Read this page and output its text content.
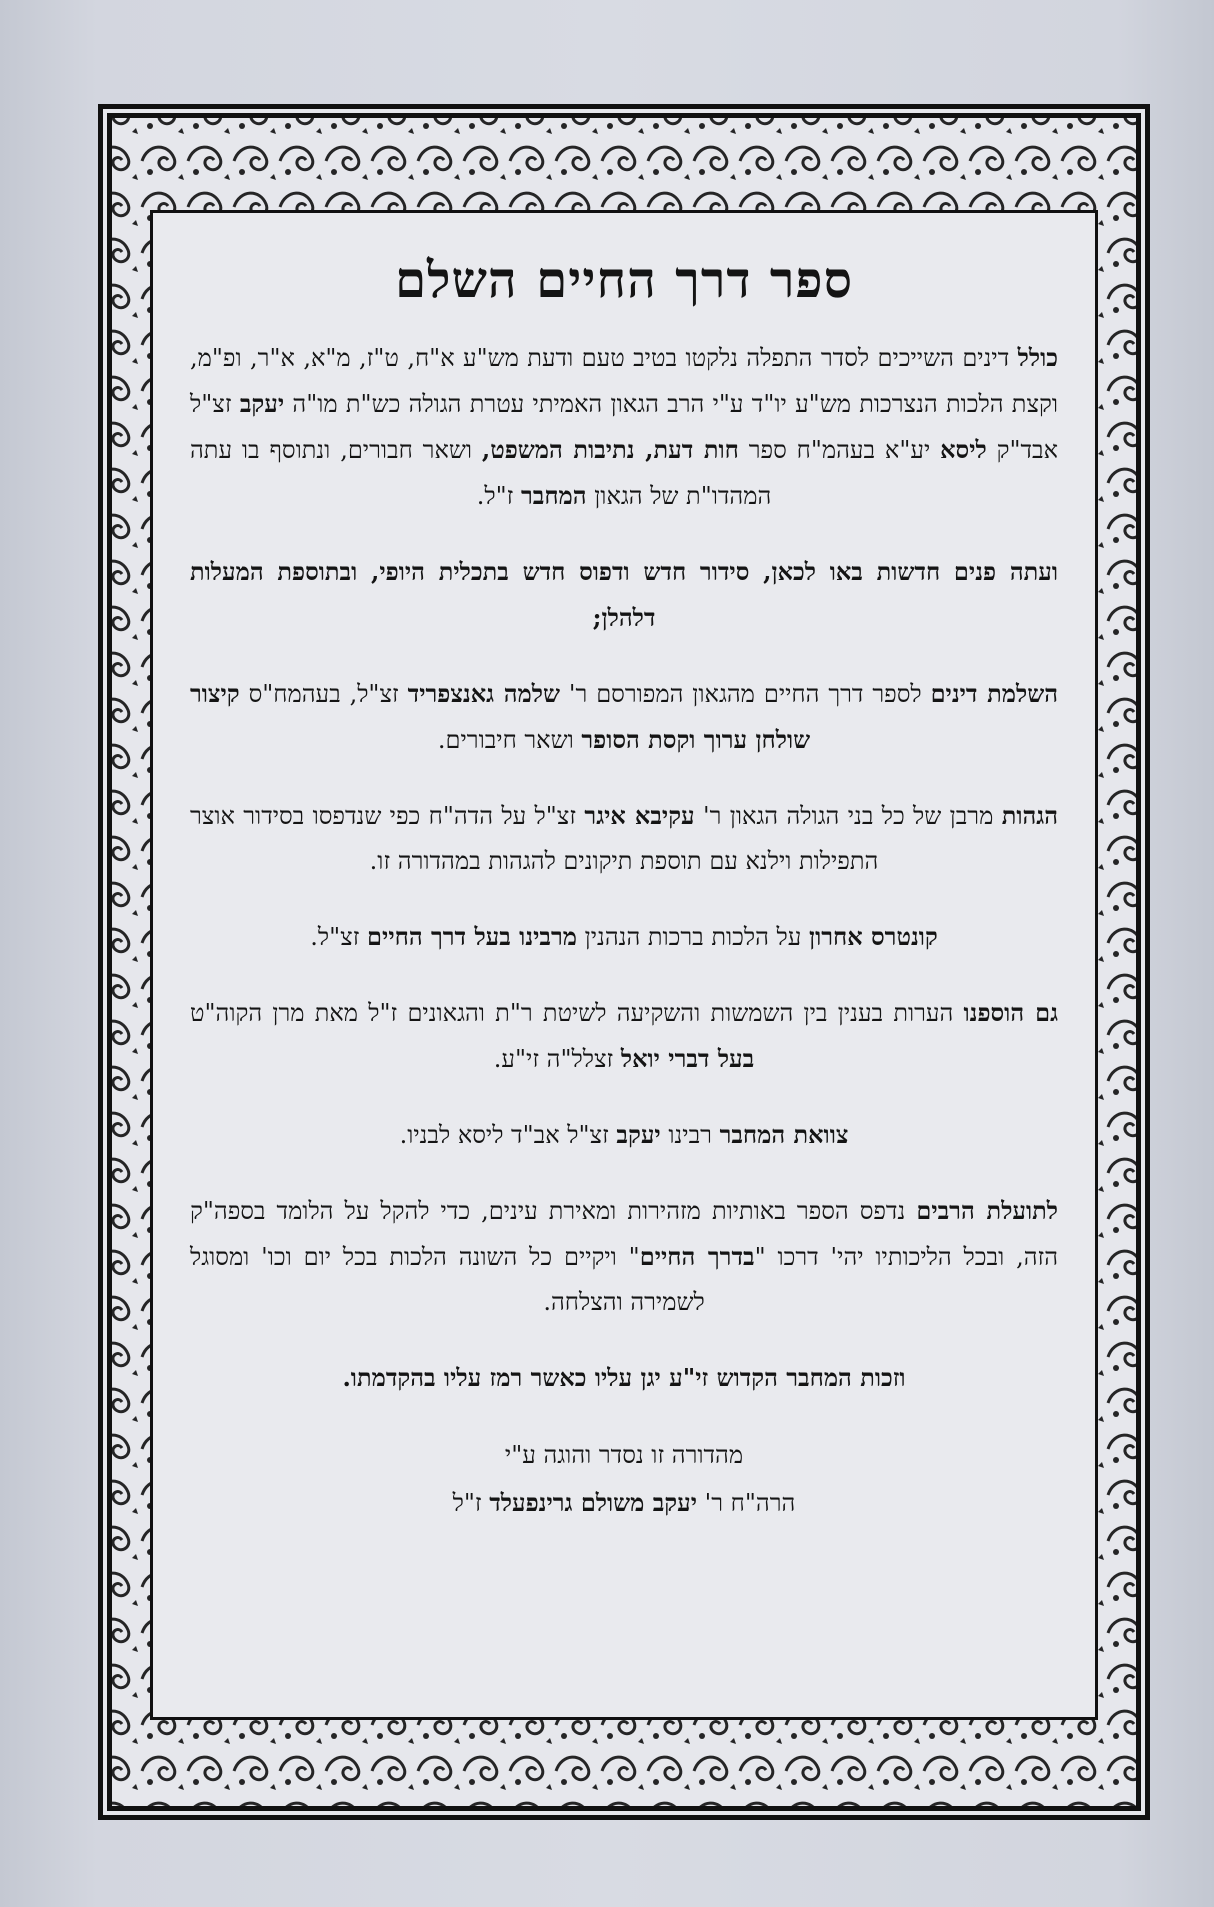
ספר דרך החיים השלם

כולל דינים השייכים לסדר התפלה נלקטו בטיב טעם ודעת מש"ע א"ח, ט"ז, מ"א, א"ר, ופ"מ, וקצת הלכות הנצרכות מש"ע יו"ד ע"י הרב הגאון האמיתי עטרת הגולה כש"ת מו"ה יעקב זצ"ל אבד"ק ליסא יע"א בעהמ"ח ספר חות דעת, נתיבות המשפט, ושאר חבורים, ונתוסף בו עתה המהדו"ת של הגאון המחבר ז"ל.

ועתה פנים חדשות באו לכאן, סידור חדש ודפוס חדש בתכלית היופי, ובתוספת המעלות דלהלן;

השלמת דינים לספר דרך החיים מהגאון המפורסם ר' שלמה גאנצפריד זצ"ל, בעהמח"ס קיצור שולחן ערוך וקסת הסופר ושאר חיבורים.

הגהות מרבן של כל בני הגולה הגאון ר' עקיבא איגר זצ"ל על הדה"ח כפי שנדפסו בסידור אוצר התפילות וילנא עם תוספת תיקונים להגהות במהדורה זו.

קונטרס אחרון על הלכות ברכות הנהנין מרבינו בעל דרך החיים זצ"ל.

גם הוספנו הערות בענין בין השמשות והשקיעה לשיטת ר"ת והגאונים ז"ל מאת מרן הקוה"ט בעל דברי יואל זצלל"ה זי"ע.

צוואת המחבר רבינו יעקב זצ"ל אב"ד ליסא לבניו.

לתועלת הרבים נדפס הספר באותיות מזהירות ומאירת עינים, כדי להקל על הלומד בספה"ק הזה, ובכל הליכותיו יהי' דרכו "בדרך החיים" ויקיים כל השונה הלכות בכל יום וכו' ומסוגל לשמירה והצלחה.

וזכות המחבר הקדוש זי"ע יגן עליו כאשר רמז עליו בהקדמתו.

מהדורה זו נסדר והוגה ע"י
הרה"ח ר' יעקב משולם גרינפעלד ז"ל
